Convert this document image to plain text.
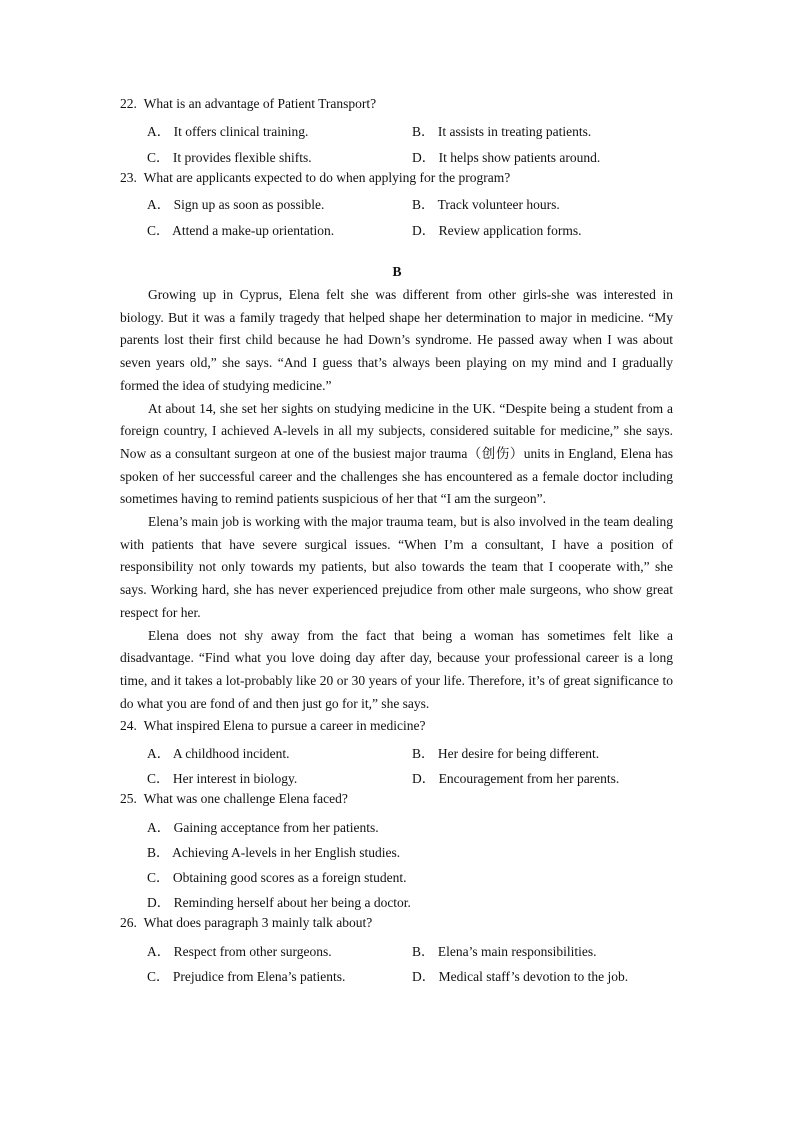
22. What is an advantage of Patient Transport?
A． It offers clinical training.	B． It assists in treating patients.
C． It provides flexible shifts.	D． It helps show patients around.
23. What are applicants expected to do when applying for the program?
A． Sign up as soon as possible.	B． Track volunteer hours.
C． Attend a make-up orientation.	D． Review application forms.
B

Growing up in Cyprus, Elena felt she was different from other girls-she was interested in biology. But it was a family tragedy that helped shape her determination to major in medicine. “My parents lost their first child because he had Down’s syndrome. He passed away when I was about seven years old,” she says. “And I guess that’s always been playing on my mind and I gradually formed the idea of studying medicine.”

At about 14, she set her sights on studying medicine in the UK. “Despite being a student from a foreign country, I achieved A-levels in all my subjects, considered suitable for medicine,” she says. Now as a consultant surgeon at one of the busiest major trauma（创伤）units in England, Elena has spoken of her successful career and the challenges she has encountered as a female doctor including sometimes having to remind patients suspicious of her that “I am the surgeon”.

Elena’s main job is working with the major trauma team, but is also involved in the team dealing with patients that have severe surgical issues. “When I’m a consultant, I have a position of responsibility not only towards my patients, but also towards the team that I cooperate with,” she says. Working hard, she has never experienced prejudice from other male surgeons, who show great respect for her.

Elena does not shy away from the fact that being a woman has sometimes felt like a disadvantage. “Find what you love doing day after day, because your professional career is a long time, and it takes a lot-probably like 20 or 30 years of your life. Therefore, it’s of great significance to do what you are fond of and then just go for it,” she says.

24. What inspired Elena to pursue a career in medicine?
A． A childhood incident.	B． Her desire for being different.
C． Her interest in biology.	D． Encouragement from her parents.
25. What was one challenge Elena faced?
A． Gaining acceptance from her patients.
B． Achieving A-levels in her English studies.
C． Obtaining good scores as a foreign student.
D． Reminding herself about her being a doctor.
26. What does paragraph 3 mainly talk about?
A． Respect from other surgeons.	B． Elena’s main responsibilities.
C． Prejudice from Elena’s patients.	D． Medical staff’s devotion to the job.
